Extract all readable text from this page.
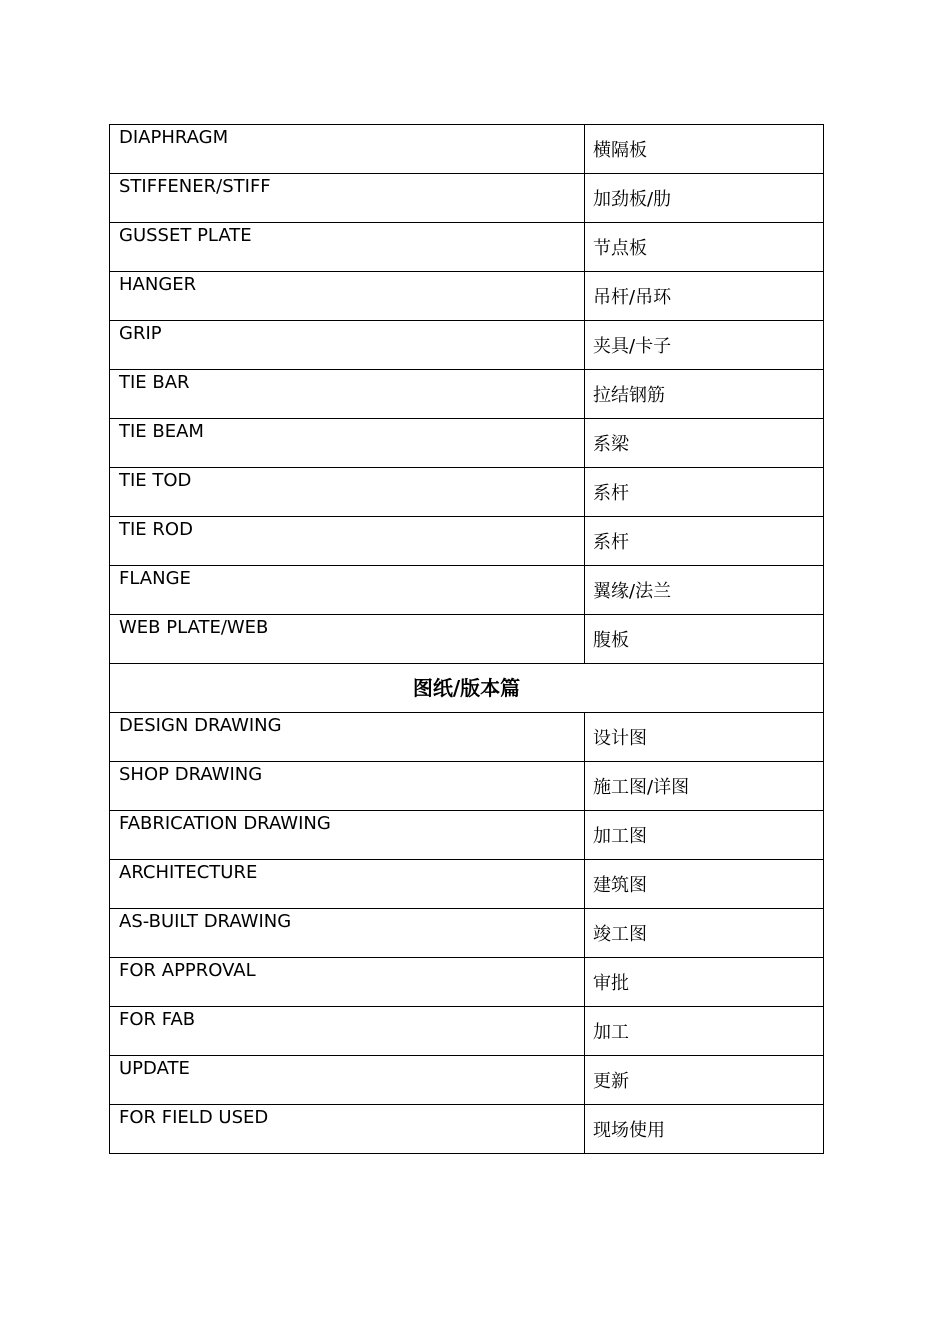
DIAPHRAGM	横隔板
STIFFENER/STIFF	加劲板/肋
GUSSET PLATE	节点板
HANGER	吊杆/吊环
GRIP	夹具/卡子
TIE BAR	拉结钢筋
TIE BEAM	系梁
TIE TOD	系杆
TIE ROD	系杆
FLANGE	翼缘/法兰
WEB PLATE/WEB	腹板
图纸/版本篇	
DESIGN DRAWING	设计图
SHOP DRAWING	施工图/详图
FABRICATION DRAWING	加工图
ARCHITECTURE	建筑图
AS-BUILT DRAWING	竣工图
FOR APPROVAL	审批
FOR FAB	加工
UPDATE	更新
FOR FIELD USED	现场使用
